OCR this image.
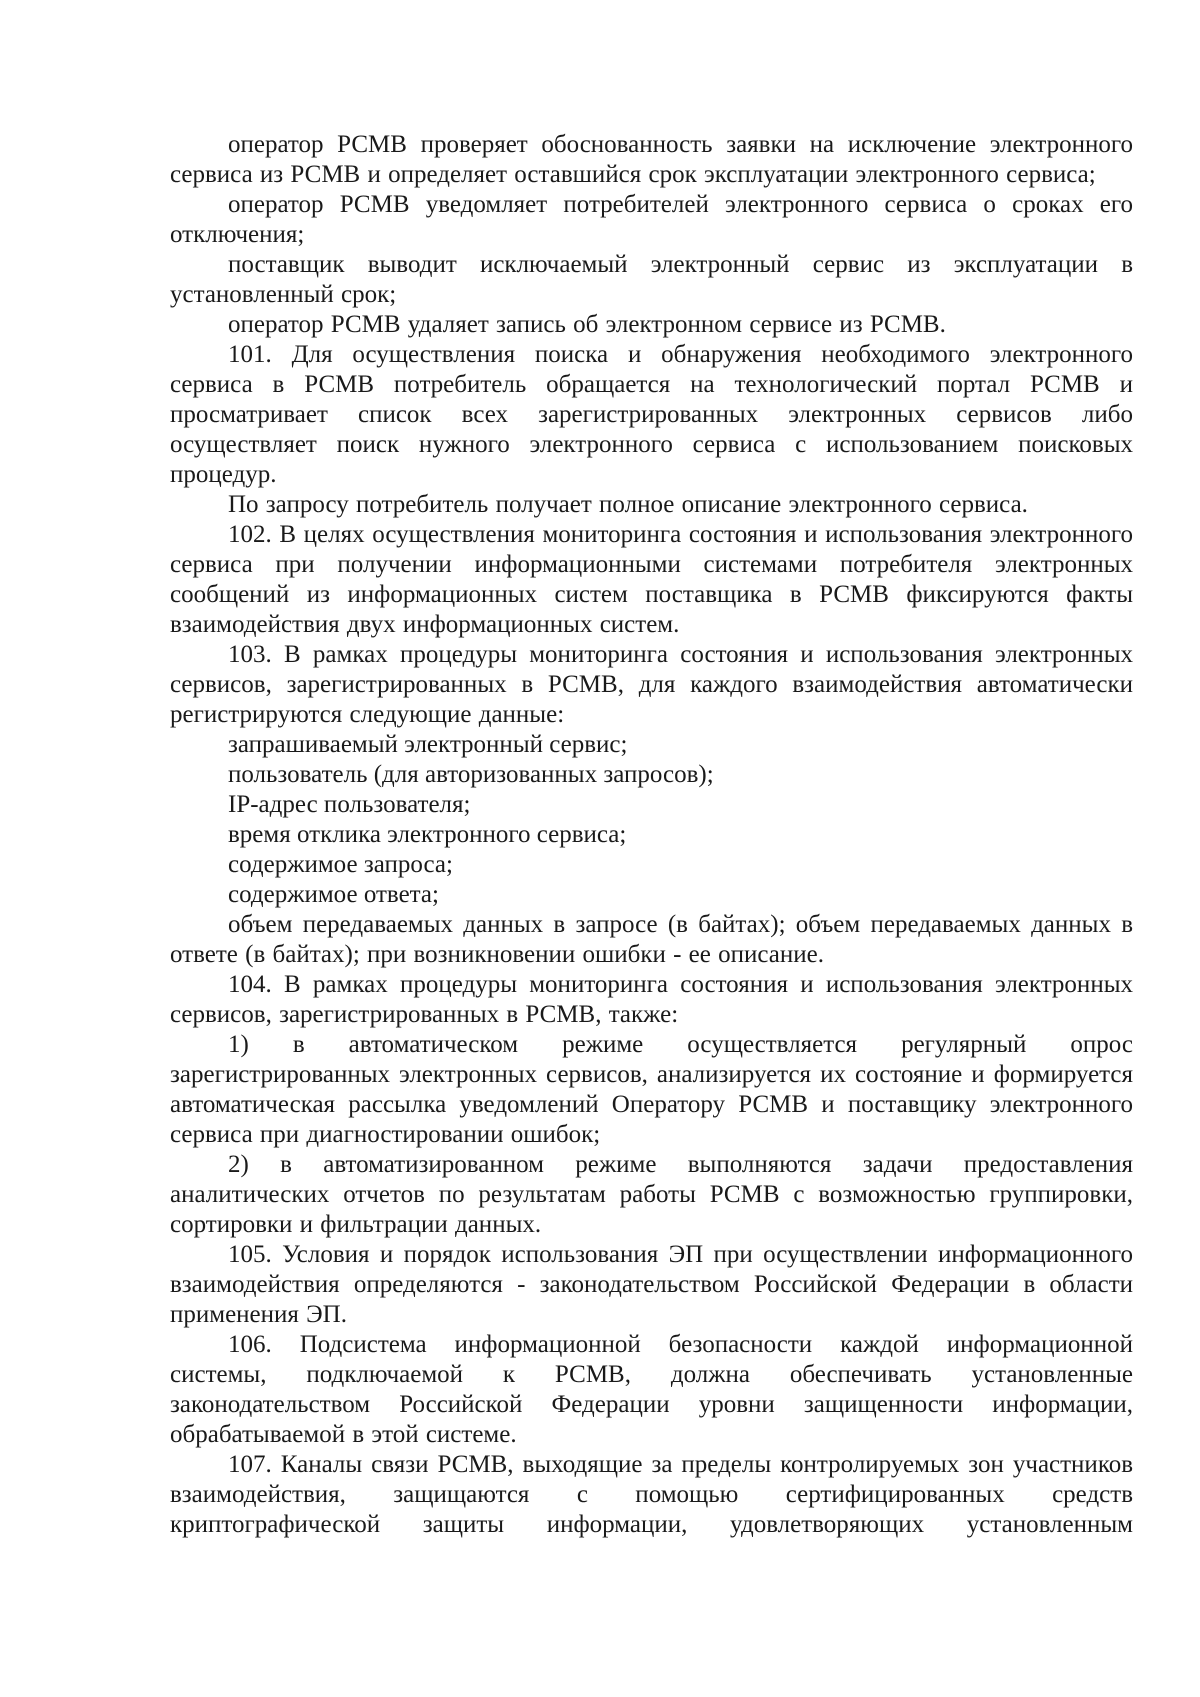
оператор РСМВ проверяет обоснованность заявки на исключение электронного сервиса из РСМВ и определяет оставшийся срок эксплуатации электронного сервиса;

оператор РСМВ уведомляет потребителей электронного сервиса о сроках его отключения;

поставщик выводит исключаемый электронный сервис из эксплуатации в установленный срок;

оператор РСМВ удаляет запись об электронном сервисе из РСМВ.

101. Для осуществления поиска и обнаружения необходимого электронного сервиса в РСМВ потребитель обращается на технологический портал РСМВ и просматривает список всех зарегистрированных электронных сервисов либо осуществляет поиск нужного электронного сервиса с использованием поисковых процедур.

По запросу потребитель получает полное описание электронного сервиса.

102. В целях осуществления мониторинга состояния и использования электронного сервиса при получении информационными системами потребителя электронных сообщений из информационных систем поставщика в РСМВ фиксируются факты взаимодействия двух информационных систем.

103. В рамках процедуры мониторинга состояния и использования электронных сервисов, зарегистрированных в РСМВ, для каждого взаимодействия автоматически регистрируются следующие данные:

запрашиваемый электронный сервис;

пользователь (для авторизованных запросов);

IP-адрес пользователя;

время отклика электронного сервиса;

содержимое запроса;

содержимое ответа;

объем передаваемых данных в запросе (в байтах); объем передаваемых данных в ответе (в байтах); при возникновении ошибки - ее описание.

104. В рамках процедуры мониторинга состояния и использования электронных сервисов, зарегистрированных в РСМВ, также:

1) в автоматическом режиме осуществляется регулярный опрос зарегистрированных электронных сервисов, анализируется их состояние и формируется автоматическая рассылка уведомлений Оператору РСМВ и поставщику электронного сервиса при диагностировании ошибок;

2) в автоматизированном режиме выполняются задачи предоставления аналитических отчетов по результатам работы РСМВ с возможностью группировки, сортировки и фильтрации данных.

105. Условия и порядок использования ЭП при осуществлении информационного взаимодействия определяются - законодательством Российской Федерации в области применения ЭП.

106. Подсистема информационной безопасности каждой информационной системы, подключаемой к РСМВ, должна обеспечивать установленные законодательством Российской Федерации уровни защищенности информации, обрабатываемой в этой системе.

107. Каналы связи РСМВ, выходящие за пределы контролируемых зон участников взаимодействия, защищаются с помощью сертифицированных средств криптографической защиты информации, удовлетворяющих установленным
